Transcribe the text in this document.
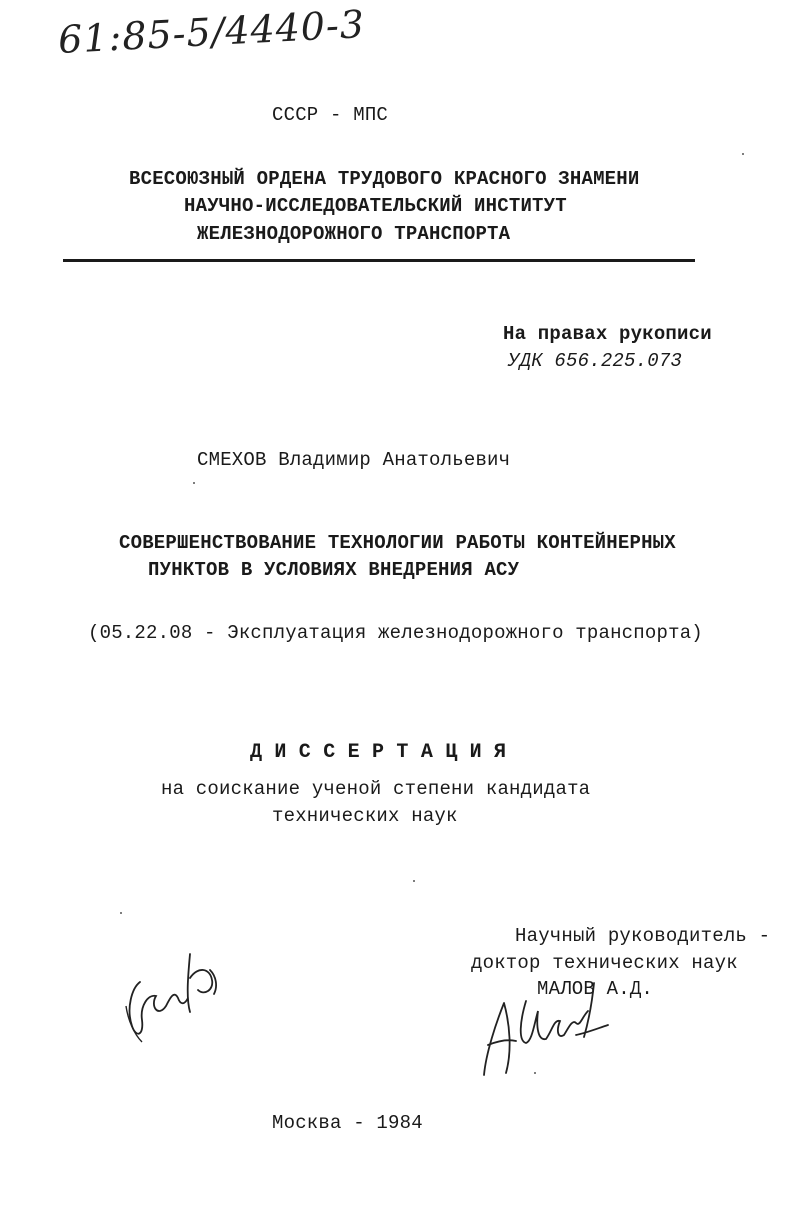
61:85-5/4440-3
СССР - МПС
ВСЕСОЮЗНЫЙ ОРДЕНА ТРУДОВОГО КРАСНОГО ЗНАМЕНИ
НАУЧНО-ИССЛЕДОВАТЕЛЬСКИЙ ИНСТИТУТ
ЖЕЛЕЗНОДОРОЖНОГО ТРАНСПОРТА
На правах рукописи
УДК 656.225.073
СМЕХОВ Владимир Анатольевич
СОВЕРШЕНСТВОВАНИЕ ТЕХНОЛОГИИ РАБОТЫ КОНТЕЙНЕРНЫХ
ПУНКТОВ В УСЛОВИЯХ ВНЕДРЕНИЯ АСУ
(05.22.08 - Эксплуатация железнодорожного транспорта)
Д И С С Е Р Т А Ц И Я
на соискание ученой степени кандидата
технических наук
Научный руководитель -
доктор технических наук
МАЛОВ А.Д.
Москва - 1984
